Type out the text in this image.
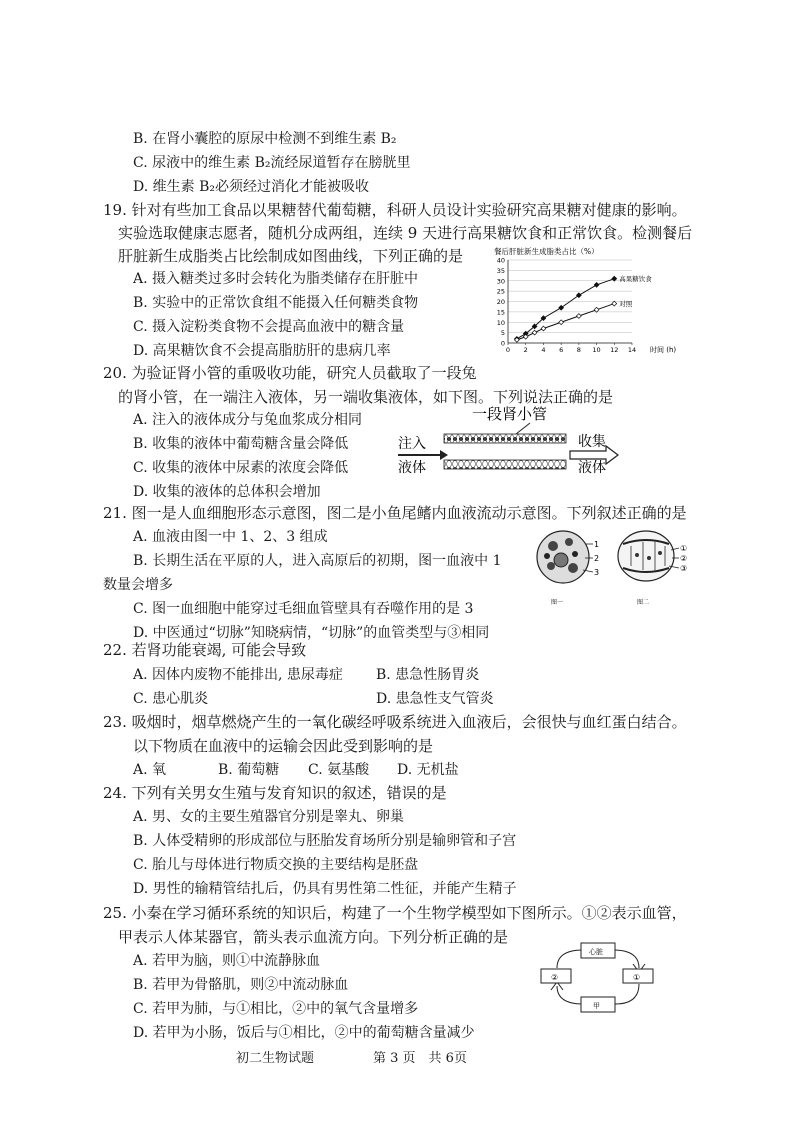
B. 在肾小囊腔的原尿中检测不到维生素 B₂
C. 尿液中的维生素 B₂流经尿道暂存在膀胱里
D. 维生素 B₂必须经过消化才能被吸收
19. 针对有些加工食品以果糖替代葡萄糖，科研人员设计实验研究高果糖对健康的影响。
实验选取健康志愿者，随机分成两组，连续 9 天进行高果糖饮食和正常饮食。检测餐后
肝脏新生成脂类占比绘制成如图曲线，下列正确的是
A. 摄入糖类过多时会转化为脂类储存在肝脏中
B. 实验中的正常饮食组不能摄入任何糖类食物
C. 摄入淀粉类食物不会提高血液中的糖含量
D. 高果糖饮食不会提高脂肪肝的患病几率
餐后肝脏新生成脂类占比（%）
0
5
10
15
20
25
30
35
40
0 2 4 6 8 10 12 14
高果糖饮食
对照
时间 (h)
20. 为验证肾小管的重吸收功能，研究人员截取了一段兔
的肾小管，在一端注入液体，另一端收集液体，如下图。下列说法正确的是
A. 注入的液体成分与兔血浆成分相同
B. 收集的液体中葡萄糖含量会降低
C. 收集的液体中尿素的浓度会降低
D. 收集的液体的总体积会增加
一段肾小管
注入
液体
收集
液体
21. 图一是人血细胞形态示意图，图二是小鱼尾鳍内血液流动示意图。下列叙述正确的是
A. 血液由图一中 1、2、3 组成
B. 长期生活在平原的人，进入高原后的初期，图一血液中 1
数量会增多
C. 图一血细胞中能穿过毛细血管壁具有吞噬作用的是 3
D. 中医通过“切脉”知晓病情，“切脉”的血管类型与③相同
1
2
3
图一
①
②
③
图二
22. 若肾功能衰竭, 可能会导致
A. 因体内废物不能排出, 患尿毒症 B. 患急性肠胃炎
C. 患心肌炎	D. 患急性支气管炎
23. 吸烟时，烟草燃烧产生的一氧化碳经呼吸系统进入血液后，会很快与血红蛋白结合。
以下物质在血液中的运输会因此受到影响的是
A. 氧	B. 葡萄糖 C. 氨基酸 D. 无机盐
24. 下列有关男女生殖与发育知识的叙述，错误的是
A. 男、女的主要生殖器官分别是睾丸、卵巢
B. 人体受精卵的形成部位与胚胎发育场所分别是输卵管和子宫
C. 胎儿与母体进行物质交换的主要结构是胚盘
D. 男性的输精管结扎后，仍具有男性第二性征，并能产生精子
25. 小秦在学习循环系统的知识后，构建了一个生物学模型如下图所示。①②表示血管，
甲表示人体某器官，箭头表示血流方向。下列分析正确的是
A. 若甲为脑，则①中流静脉血
B. 若甲为骨骼肌，则②中流动脉血
C. 若甲为肺，与①相比，②中的氧气含量增多
D. 若甲为小肠，饭后与①相比，②中的葡萄糖含量减少
心脏
甲
②	①
初二生物试题	第 3 页　共 6页
